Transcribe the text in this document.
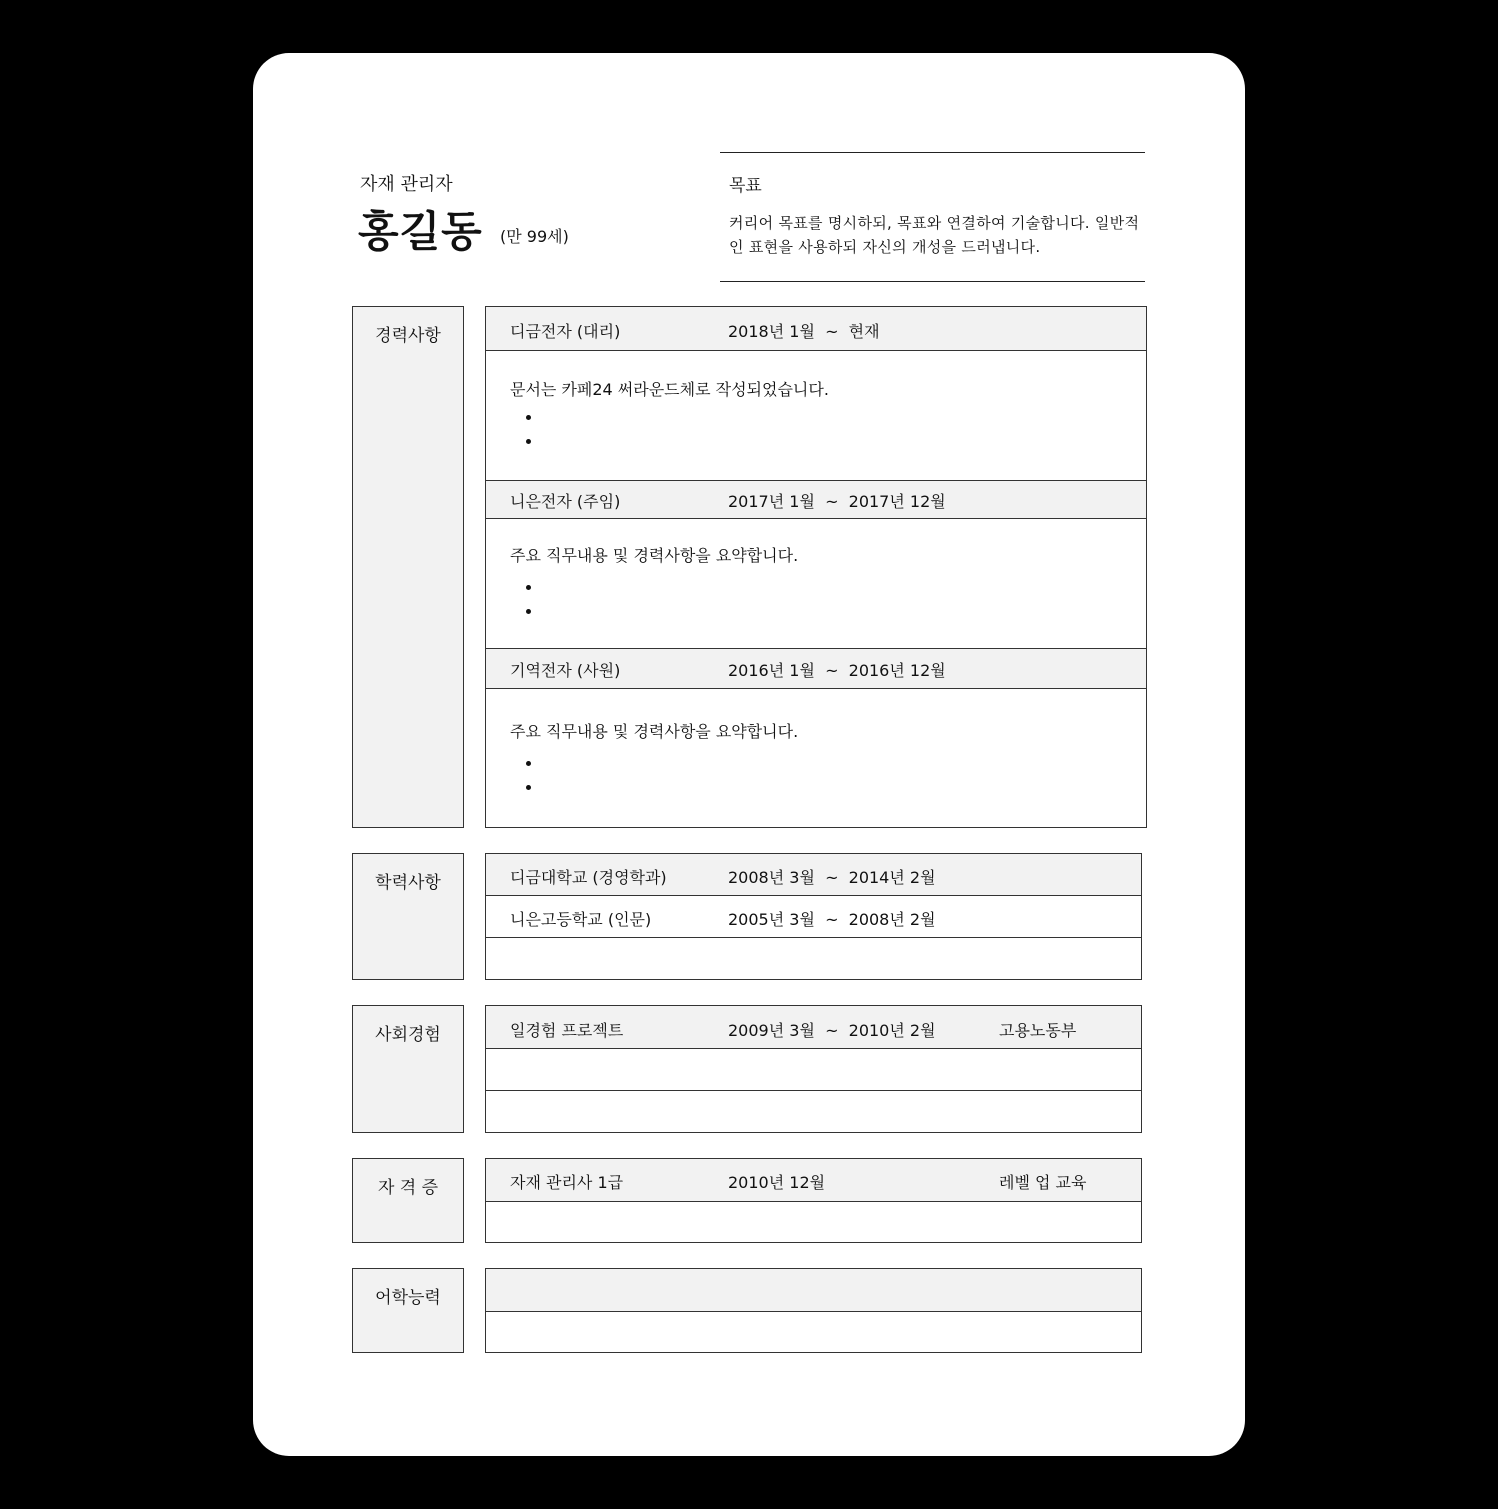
자재 관리자
홍길동 (만 99세)
목표
커리어 목표를 명시하되, 목표와 연결하여 기술합니다. 일반적인 표현을 사용하되 자신의 개성을 드러냅니다.
경력사항	디금전자 (대리)	2018년 1월  ~  현재
문서는 카페24 써라운드체로 작성되었습니다.
니은전자 (주임)	2017년 1월  ~  2017년 12월
주요 직무내용 및 경력사항을 요약합니다.
기역전자 (사원)	2016년 1월  ~  2016년 12월
주요 직무내용 및 경력사항을 요약합니다.
학력사항	디금대학교 (경영학과)	2008년 3월  ~  2014년 2월
니은고등학교 (인문)	2005년 3월  ~  2008년 2월
사회경험	일경험 프로젝트	2009년 3월  ~  2010년 2월	고용노동부
자 격 증	자재 관리사 1급	2010년 12월	레벨 업 교육
어학능력
